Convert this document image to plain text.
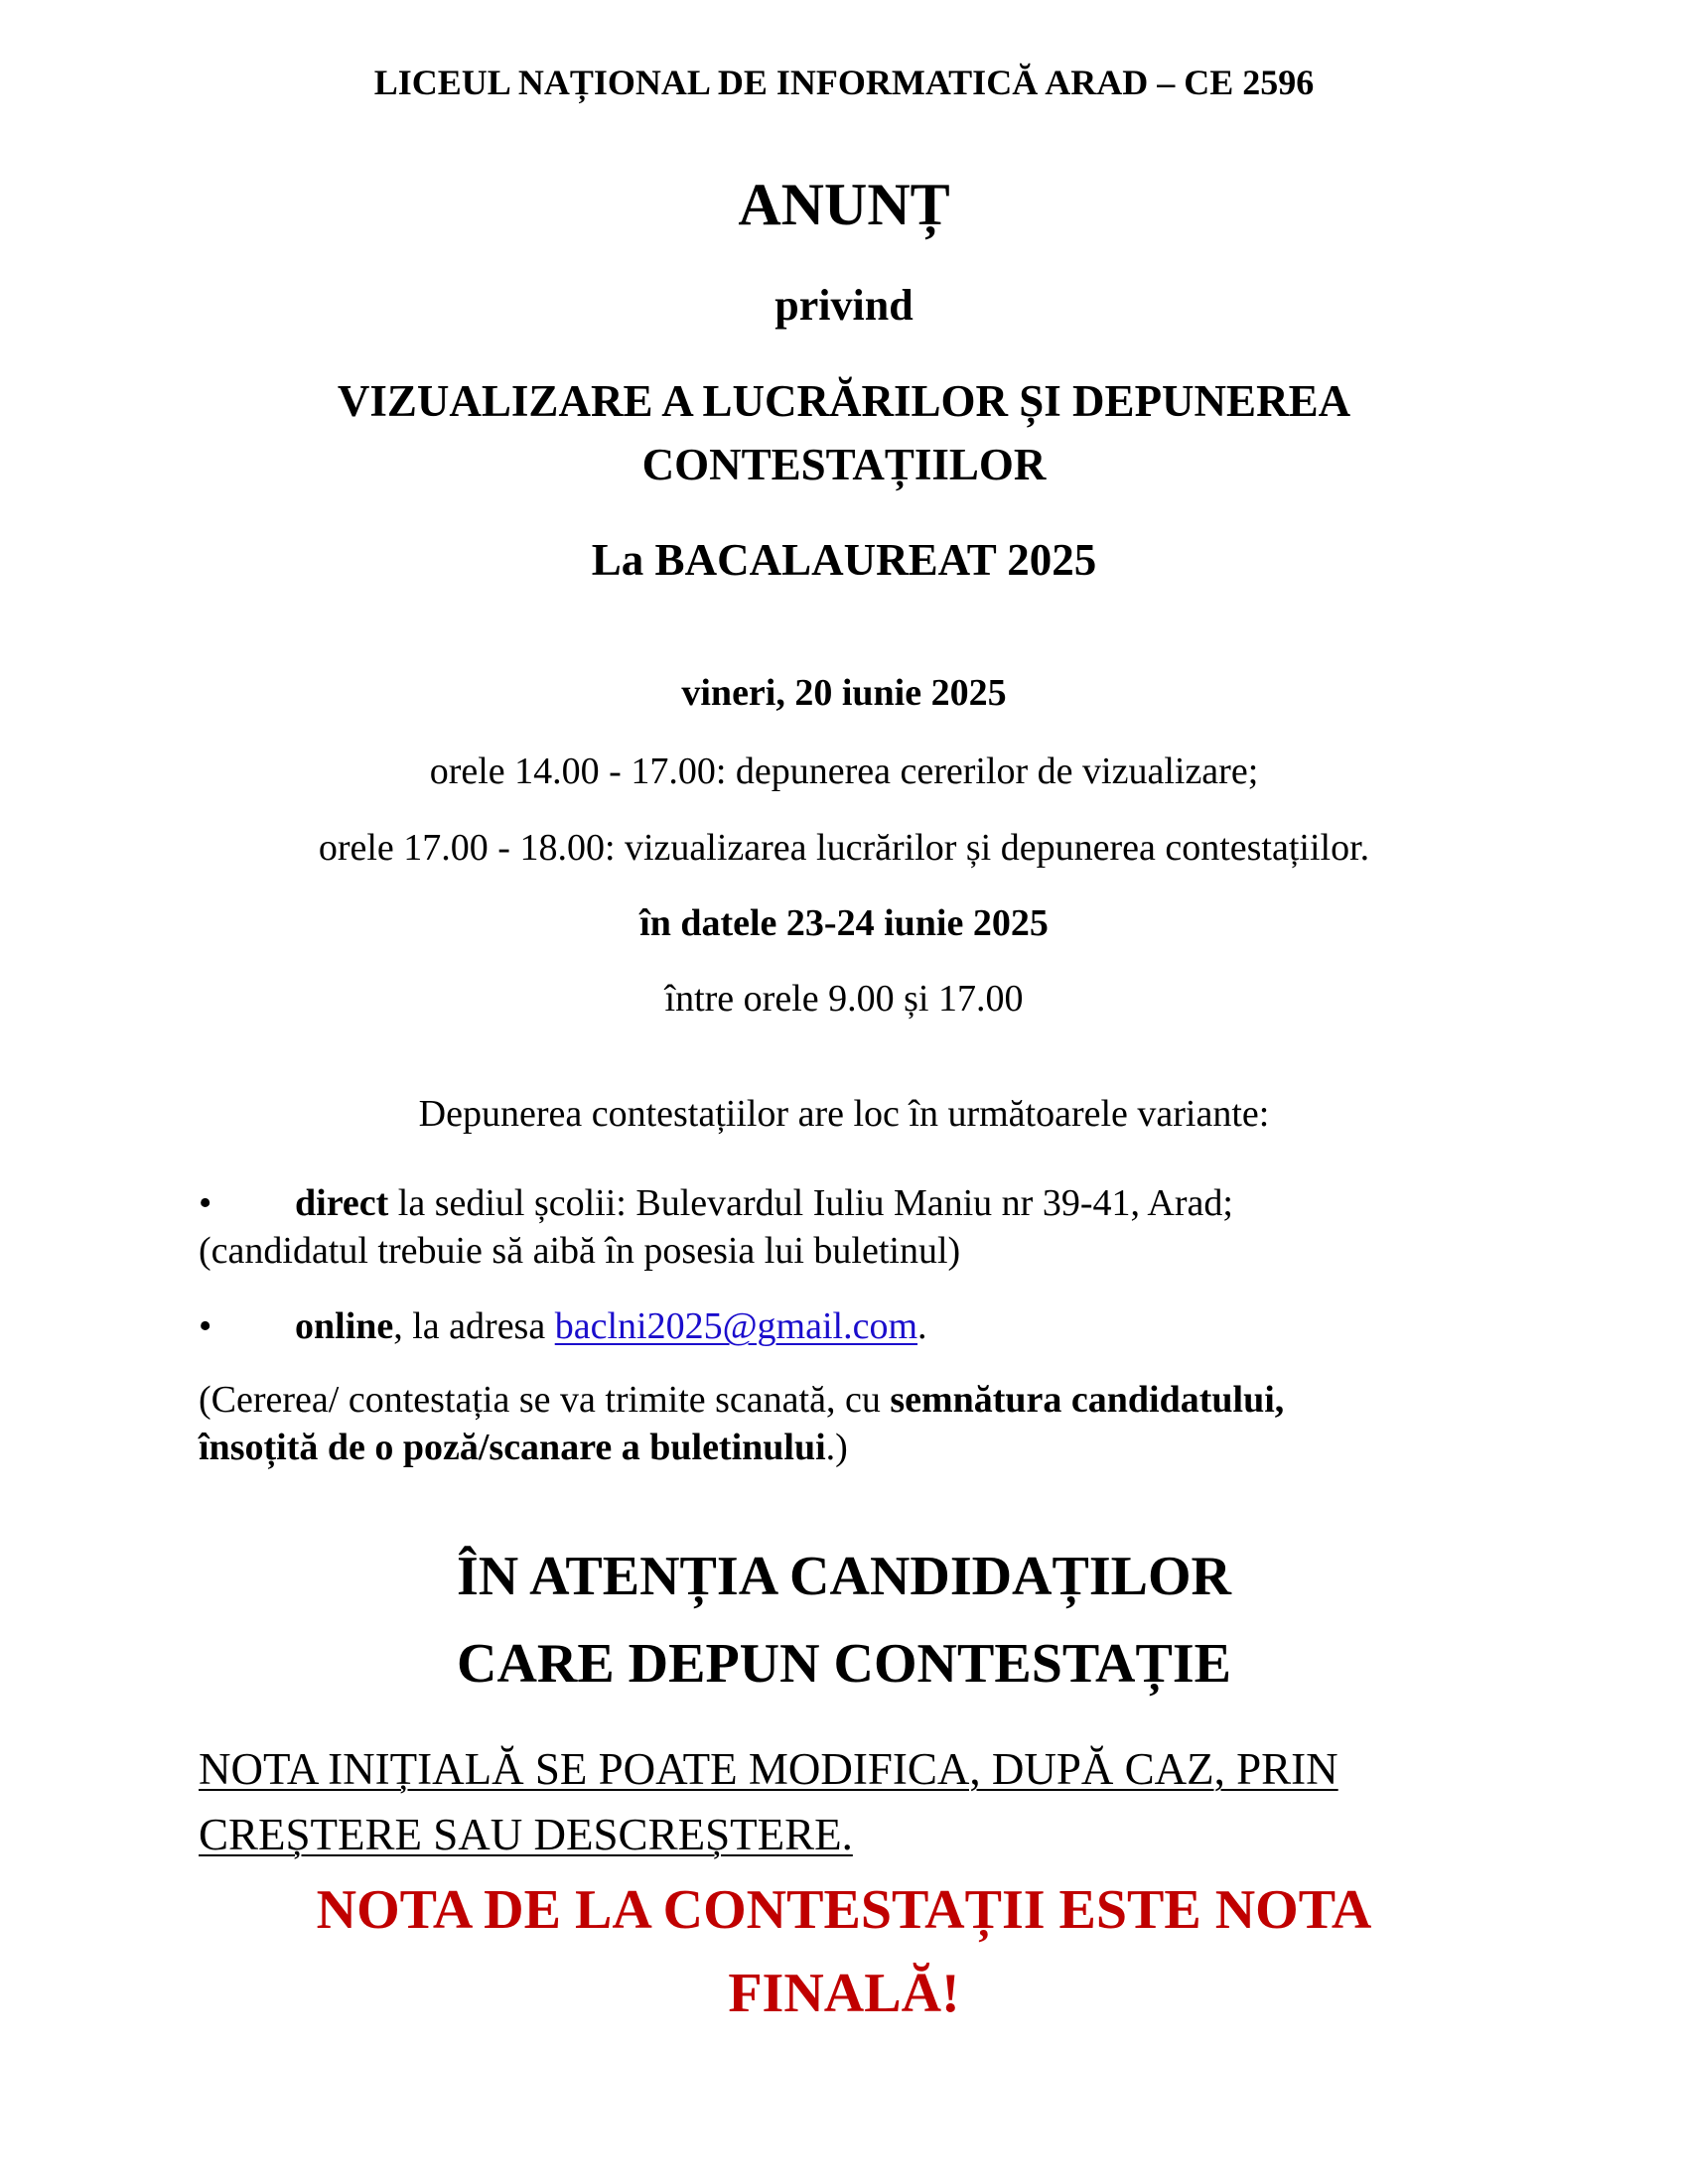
LICEUL NAȚIONAL DE INFORMATICĂ ARAD – CE 2596
ANUNȚ
privind
VIZUALIZARE A LUCRĂRILOR ȘI DEPUNEREA
CONTESTAȚIILOR
La BACALAUREAT 2025
vineri, 20 iunie 2025
orele 14.00 - 17.00: depunerea cererilor de vizualizare;
orele 17.00 - 18.00: vizualizarea lucrărilor și depunerea contestațiilor.
în datele 23-24 iunie 2025
între orele 9.00 și 17.00
Depunerea contestațiilor are loc în următoarele variante:
• direct la sediul școlii: Bulevardul Iuliu Maniu nr 39-41, Arad;
(candidatul trebuie să aibă în posesia lui buletinul)
• online, la adresa baclni2025@gmail.com.
(Cererea/ contestația se va trimite scanată, cu semnătura candidatului,
însoțită de o poză/scanare a buletinului.)
ÎN ATENȚIA CANDIDAȚILOR
CARE DEPUN CONTESTAȚIE
NOTA INIȚIALĂ SE POATE MODIFICA, DUPĂ CAZ, PRIN
CREȘTERE SAU DESCREȘTERE.
NOTA DE LA CONTESTAȚII ESTE NOTA
FINALĂ!
